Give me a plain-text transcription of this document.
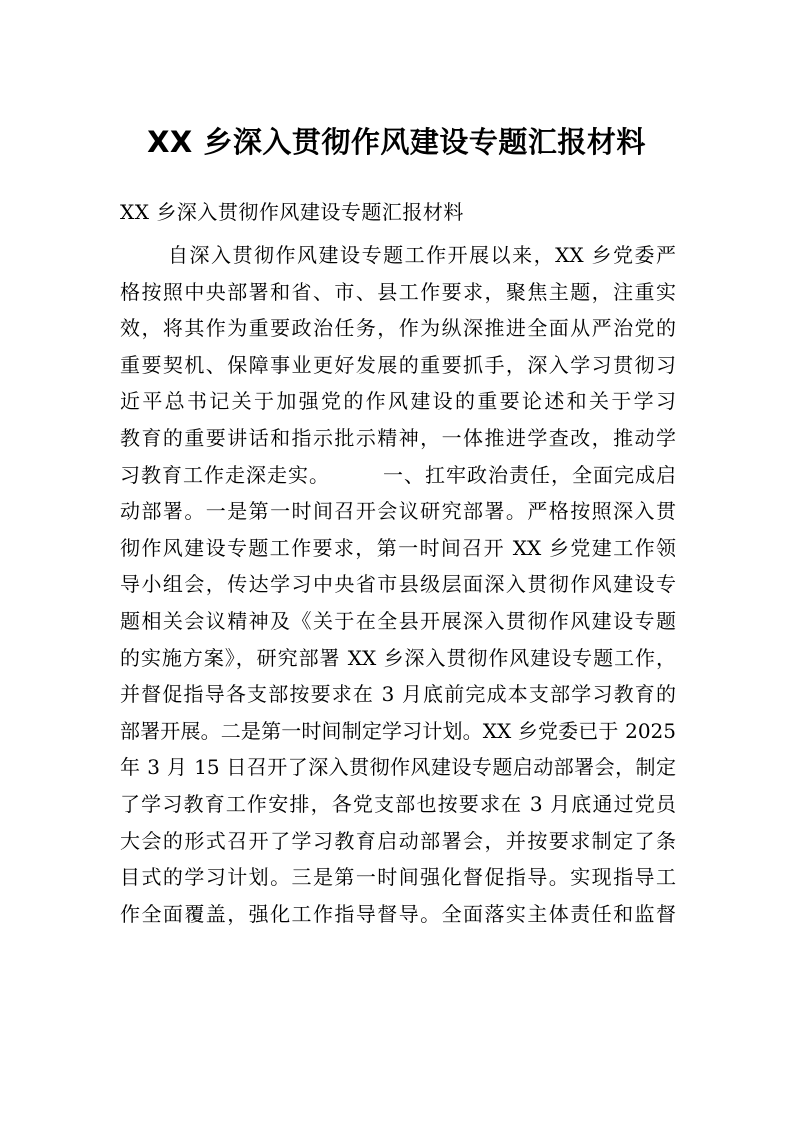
XX 乡深入贯彻作风建设专题汇报材料
XX 乡深入贯彻作风建设专题汇报材料
自深入贯彻作风建设专题工作开展以来，XX 乡党委严
格按照中央部署和省、市、县工作要求，聚焦主题，注重实
效，将其作为重要政治任务，作为纵深推进全面从严治党的
重要契机、保障事业更好发展的重要抓手，深入学习贯彻习
近平总书记关于加强党的作风建设的重要论述和关于学习
教育的重要讲话和指示批示精神，一体推进学查改，推动学
习教育工作走深走实。　　　一、扛牢政治责任，全面完成启
动部署。一是第一时间召开会议研究部署。严格按照深入贯
彻作风建设专题工作要求，第一时间召开 XX 乡党建工作领
导小组会，传达学习中央省市县级层面深入贯彻作风建设专
题相关会议精神及《关于在全县开展深入贯彻作风建设专题
的实施方案》，研究部署 XX 乡深入贯彻作风建设专题工作，
并督促指导各支部按要求在 3 月底前完成本支部学习教育的
部署开展。二是第一时间制定学习计划。XX 乡党委已于 2025
年 3 月 15 日召开了深入贯彻作风建设专题启动部署会，制定
了学习教育工作安排，各党支部也按要求在 3 月底通过党员
大会的形式召开了学习教育启动部署会，并按要求制定了条
目式的学习计划。三是第一时间强化督促指导。实现指导工
作全面覆盖，强化工作指导督导。全面落实主体责任和监督
